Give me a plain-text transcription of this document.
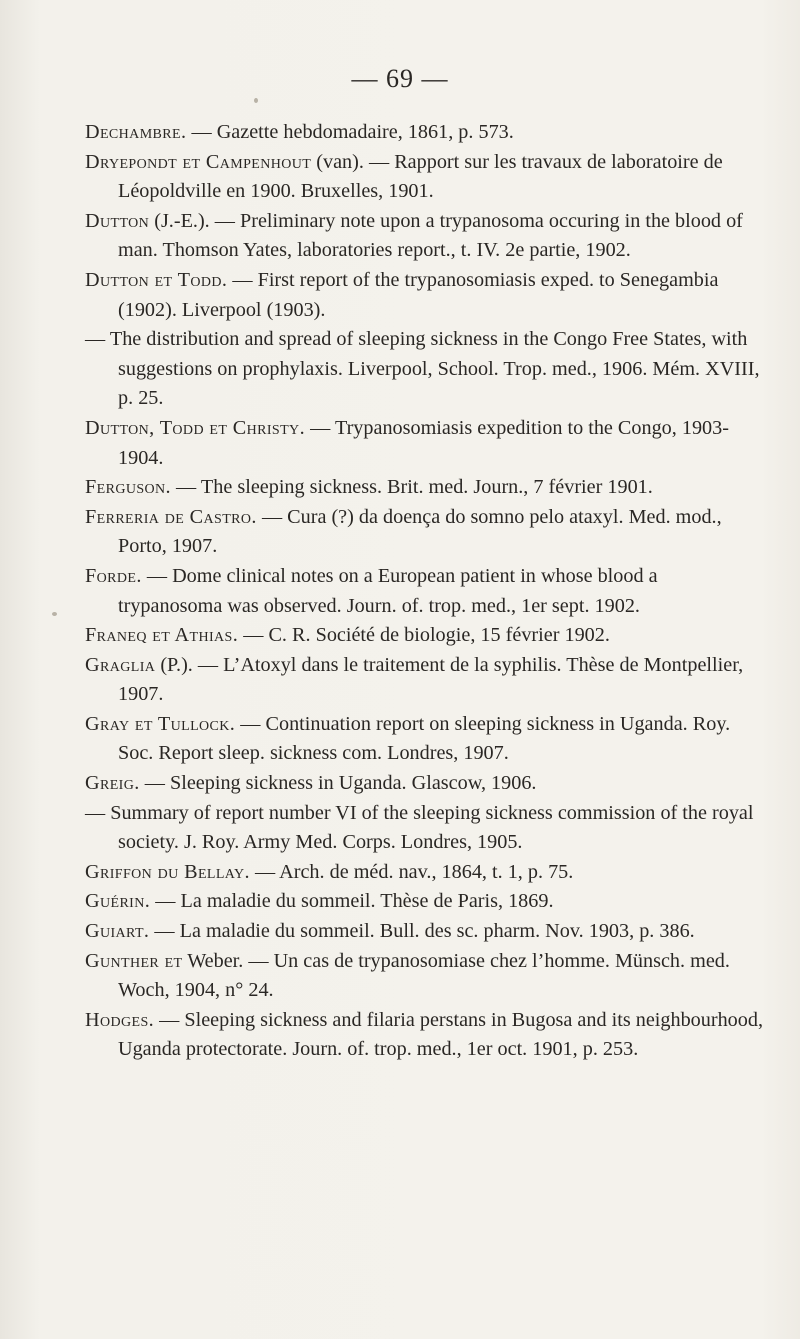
— 69 —

Dechambre. — Gazette hebdomadaire, 1861, p. 573.

Dryepondt et Campenhout (van). — Rapport sur les travaux de laboratoire de Léopoldville en 1900. Bruxelles, 1901.

Dutton (J.-E.). — Preliminary note upon a trypanosoma occuring in the blood of man. Thomson Yates, laboratories report., t. IV. 2e partie, 1902.

Dutton et Todd. — First report of the trypanosomiasis exped. to Senegambia (1902). Liverpool (1903).

— The distribution and spread of sleeping sickness in the Congo Free States, with suggestions on prophylaxis. Liverpool, School. Trop. med., 1906. Mém. XVIII, p. 25.

Dutton, Todd et Christy. — Trypanosomiasis expedition to the Congo, 1903-1904.

Ferguson. — The sleeping sickness. Brit. med. Journ., 7 février 1901.

Ferreria de Castro. — Cura (?) da doença do somno pelo ataxyl. Med. mod., Porto, 1907.

Forde. — Dome clinical notes on a European patient in whose blood a trypanosoma was observed. Journ. of. trop. med., 1er sept. 1902.

Franeq et Athias. — C. R. Société de biologie, 15 février 1902.

Graglia (P.). — L’Atoxyl dans le traitement de la syphilis. Thèse de Montpellier, 1907.

Gray et Tullock. — Continuation report on sleeping sickness in Uganda. Roy. Soc. Report sleep. sickness com. Londres, 1907.

Greig. — Sleeping sickness in Uganda. Glascow, 1906.

— Summary of report number VI of the sleeping sickness commission of the royal society. J. Roy. Army Med. Corps. Londres, 1905.

Griffon du Bellay. — Arch. de méd. nav., 1864, t. 1, p. 75.

Guérin. — La maladie du sommeil. Thèse de Paris, 1869.

Guiart. — La maladie du sommeil. Bull. des sc. pharm. Nov. 1903, p. 386.

Gunther et Weber. — Un cas de trypanosomiase chez l’homme. Münsch. med. Woch, 1904, n° 24.

Hodges. — Sleeping sickness and filaria perstans in Bugosa and its neighbourhood, Uganda protectorate. Journ. of. trop. med., 1er oct. 1901, p. 253.
